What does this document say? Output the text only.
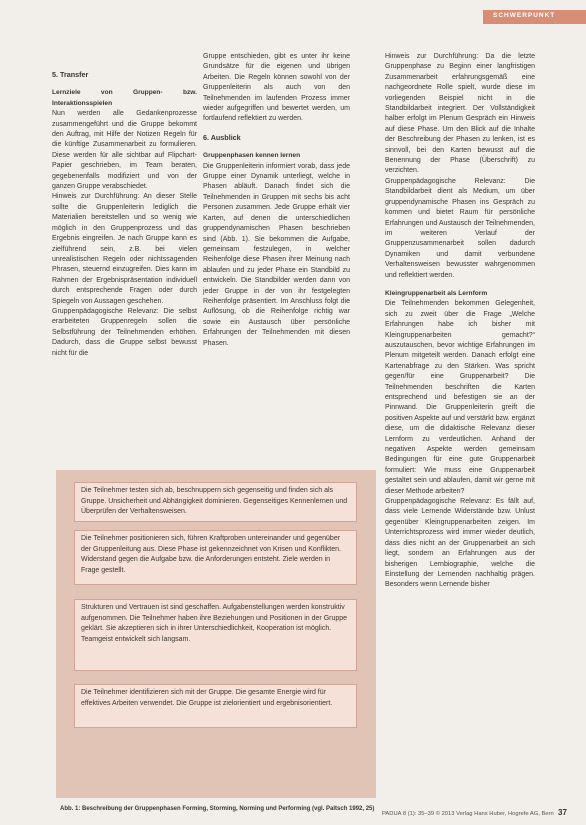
SCHWERPUNKT

5. Transfer

Lernziele von Gruppen- bzw. Interaktionsspielen

Nun werden alle Gedankenprozesse zusammengeführt und die Gruppe bekommt den Auftrag, mit Hilfe der Notizen Regeln für die künftige Zusammenarbeit zu formulieren. Diese werden für alle sichtbar auf Flipchart-Papier geschrieben, im Team beraten, gegebenenfalls modifiziert und von der ganzen Gruppe verabschiedet.

Hinweis zur Durchführung: An dieser Stelle sollte die Gruppenleiterin lediglich die Materialien bereitstellen und so wenig wie möglich in den Gruppenprozess und das Ergebnis eingreifen. Je nach Gruppe kann es zielführend sein, z.B. bei vielen unrealistischen Regeln oder nichtssagenden Phrasen, steuernd einzugreifen. Dies kann im Rahmen der Ergebnispräsentation individuell durch entsprechende Fragen oder durch Spiegeln von Aussagen geschehen.

Gruppenpädagogische Relevanz: Die selbst erarbeiteten Gruppenregeln sollen die Selbstführung der Teilnehmenden erhöhen. Dadurch, dass die Gruppe selbst bewusst nicht für die

Gruppe entschieden, gibt es unter ihr keine Grundsätze für die eigenen und übrigen Arbeiten. Die Regeln können sowohl von der Gruppenleiterin als auch von den Teilnehmenden im laufenden Prozess immer wieder aufgegriffen und bewertet werden, um fortlaufend reflektiert zu werden.

6. Ausblick

Gruppenphasen kennen lernen

Die Gruppenleiterin informiert vorab, dass jede Gruppe einer Dynamik unterliegt, welche in Phasen abläuft. Danach findet sich die Teilnehmenden in Gruppen mit sechs bis acht Personen zusammen. Jede Gruppe erhält vier Karten, auf denen die unterschiedlichen gruppendynamischen Phasen beschrieben sind (Abb. 1). Sie bekommen die Aufgabe, gemeinsam festzulegen, in welcher Reihenfolge diese Phasen ihrer Meinung nach ablaufen und zu jeder Phase ein Standbild zu entwickeln. Die Standbilder werden dann von jeder Gruppe in der von ihr festgelegten Reihenfolge präsentiert. Im Anschluss folgt die Auflösung, ob die Reihenfolge richtig war sowie ein Austausch über persönliche Erfahrungen der Teilnehmenden mit diesen Phasen.

Hinweis zur Durchführung: Da die letzte Gruppenphase zu Beginn einer langfristigen Zusammenarbeit erfahrungsgemäß eine nachgeordnete Rolle spielt, wurde diese im vorliegenden Beispiel nicht in die Standbildarbeit integriert. Der Vollständigkeit halber erfolgt im Plenum Gespräch ein Hinweis auf diese Phase. Um den Blick auf die Inhalte der Beschreibung der Phasen zu lenken, ist es sinnvoll, bei den Karten bewusst auf die Benennung der Phase (Überschrift) zu verzichten.

Gruppenpädagogische Relevanz: Die Standbildarbeit dient als Medium, um über gruppendynamische Phasen ins Gespräch zu kommen und bietet Raum für persönliche Erfahrungen und Austausch der Teilnehmenden, im weiteren Verlauf der Gruppenzusammenarbeit sollen dadurch Dynamiken und damit verbundene Verhaltensweisen bewusster wahrgenommen und reflektiert werden.

Kleingruppenarbeit als Lernform

Die Teilnehmenden bekommen Gelegenheit, sich zu zweit über die Frage „Welche Erfahrungen habe ich bisher mit Kleingruppenarbeiten gemacht?“ auszutauschen, bevor wichtige Erfahrungen im Plenum mitgeteilt werden. Danach erfolgt eine Kartenabfrage zu den Stärken. Was spricht gegen/für eine Gruppenarbeit? Die Teilnehmenden beschriften die Karten entsprechend und befestigen sie an der Pinnwand. Die Gruppenleiterin greift die positiven Aspekte auf und verstärkt bzw. ergänzt diese, um die didaktische Relevanz dieser Lernform zu verdeutlichen. Anhand der negativen Aspekte werden gemeinsam Bedingungen für eine gute Gruppenarbeit formuliert: Wie muss eine Gruppenarbeit gestaltet sein und ablaufen, damit wir gerne mit dieser Methode arbeiten?

Gruppenpädagogische Relevanz: Es fällt auf, dass viele Lernende Widerstände bzw. Unlust gegenüber Kleingruppenarbeiten zeigen. Im Unterrichtsprozess wird immer wieder deutlich, dass dies nicht an der Gruppenarbeit an sich liegt, sondern an Erfahrungen aus der bisherigen Lernbiographie, welche die Einstellung der Lernenden nachhaltig prägen. Besonders wenn Lernende bisher

Die Teilnehmer testen sich ab, beschnuppern sich gegenseitig und finden sich als Gruppe. Unsicherheit und Abhängigkeit dominieren. Gegenseitiges Kennenlernen und Überprüfen der Verhaltensweisen.
Die Teilnehmer positionieren sich, führen Kraftproben untereinander und gegenüber der Gruppenleitung aus. Diese Phase ist gekennzeichnet von Krisen und Konflikten. Widerstand gegen die Aufgabe bzw. die Anforderungen entsteht. Ziele werden in Frage gestellt.
Strukturen und Vertrauen ist sind geschaffen. Aufgabenstellungen werden konstruktiv aufgenommen. Die Teilnehmer haben ihre Beziehungen und Positionen in der Gruppe geklärt. Sie akzeptieren sich in ihrer Unterschiedlichkeit, Kooperation ist möglich. Teamgeist entwickelt sich langsam.
Die Teilnehmer identifizieren sich mit der Gruppe. Die gesamte Energie wird für effektives Arbeiten verwendet. Die Gruppe ist zielorientiert und ergebnisorientiert.
Abb. 1: Beschreibung der Gruppenphasen Forming, Storming, Norming und Performing (vgl. Paltsch 1992, 25)
PADUA 8 (1): 35–39 © 2013 Verlag Hans Huber, Hogrefe AG, Bern 37
